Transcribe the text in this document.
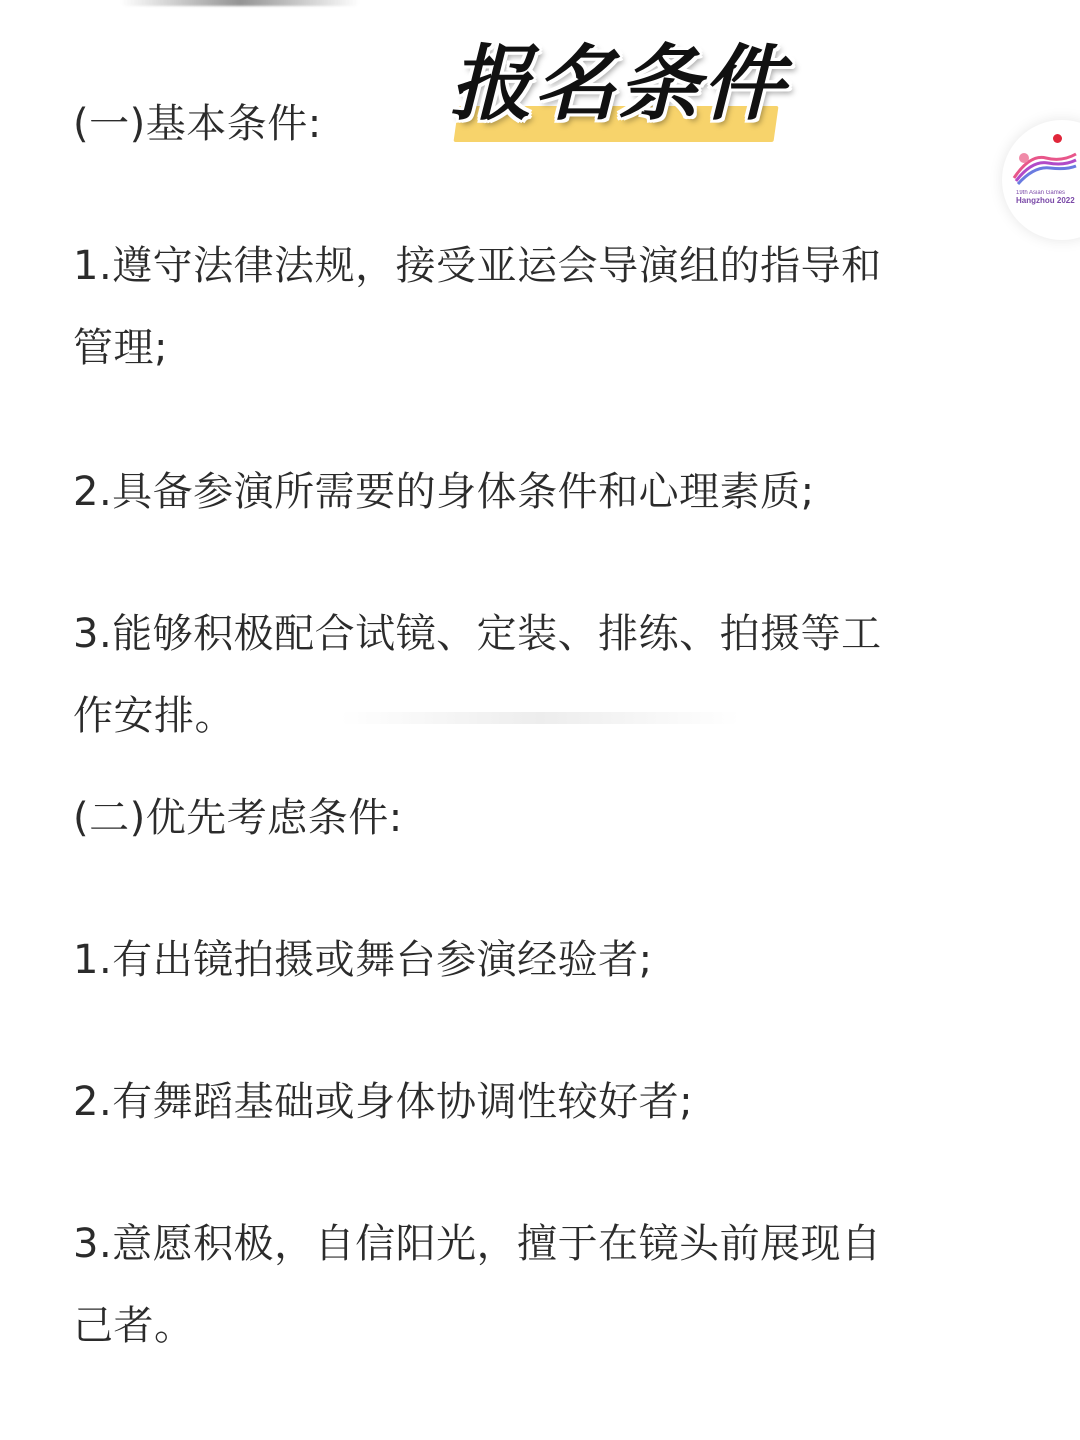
报名条件
19th Asian Games
Hangzhou 2022
(一)基本条件:
1.遵守法律法规，接受亚运会导演组的指导和
管理;
2.具备参演所需要的身体条件和心理素质;
3.能够积极配合试镜、定装、排练、拍摄等工
作安排。
(二)优先考虑条件:
1.有出镜拍摄或舞台参演经验者;
2.有舞蹈基础或身体协调性较好者;
3.意愿积极，自信阳光，擅于在镜头前展现自
己者。
